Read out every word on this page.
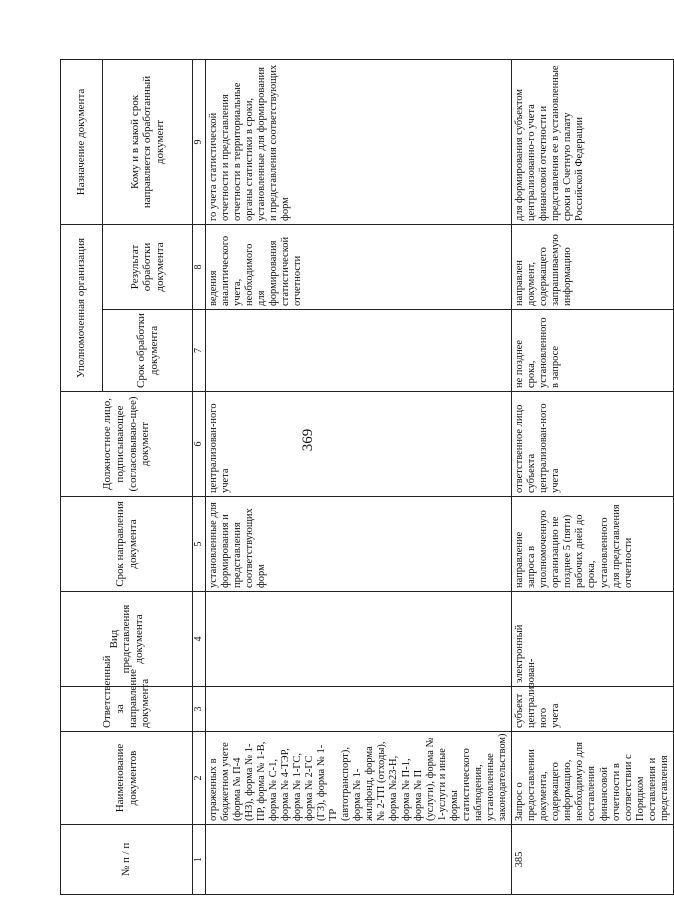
369
№ п / п	Наименование документов	Ответственный за направление документа	Вид представления документа	Срок направления документа	Должностное лицо, подписывающее (согласовываю-щее) документ	Уполномоченная организация		Назначение документа
						Срок обработки документа	Результат обработки документа	Кому и в какой срок направляется обработанный документ
1	2	3	4	5	6	7	8	9
	отраженных в бюджетном учете (форма № П-4 (НЗ), форма № 1-ПР, форма № 1-В, форма № С-1, форма № 4-ТЭР, форма № 1-ГС, форма № 2-ГС (ГЗ), форма № 1-ТР (автотранспорт), форма № 1-жилфонд, форма № 2-ТП (отходы), форма №23-Н, форма № П-1, форма № П (услуги), форма № 1-услуги и иные формы статистического наблюдения, установленные законодательством)			установленные для формирования и представления соответствующих форм	централизован-ного учета		ведения аналитического учета, необходимого для формирования статистической отчетности	го учета статистической отчетности и представления отчетности в территориальные органы статистики в сроки, установленные для формирования и представления соответствующих форм
385	Запрос о предоставлении документа, содержащего информацию, необходимую для составления финансовой отчетности в соответствии с Порядком составления и представления	субъект централизован-ного учета	электронный	направление запроса в уполномоченную организацию не позднее 5 (пяти) рабочих дней до срока, установленного для представления отчетности	ответственное лицо субъекта централизован-ного учета	не позднее срока, установленного в запросе	направлен документ, содержащего запрашиваемую информацию	для формирования субъектом централизованно-го учета финансовой отчетности и представления ее в установленные сроки в Счетную палату Российской Федерации
